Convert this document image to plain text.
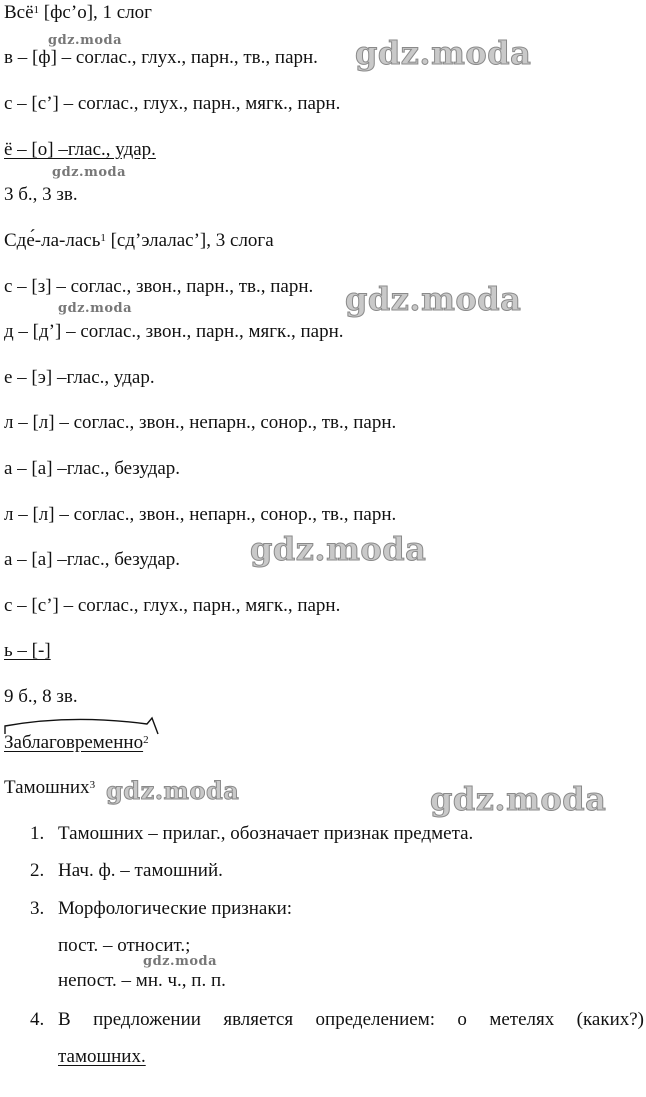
Всё$^1$ [фс’о], 1 слог
в – [ф] – соглас., глух., парн., тв., парн.
с – [с’] – соглас., глух., парн., мягк., парн.
ё – [о] –глас., удар.
3 б., 3 зв.
Сде́-ла-лась$^1$ [сд’элалас’], 3 слога
с – [з] – соглас., звон., парн., тв., парн.
д – [д’] – соглас., звон., парн., мягк., парн.
е – [э] –глас., удар.
л – [л] – соглас., звон., непарн., сонор., тв., парн.
а – [а] –глас., безудар.
л – [л] – соглас., звон., непарн., сонор., тв., парн.
а – [а] –глас., безудар.
с – [с’] – соглас., глух., парн., мягк., парн.
ь – [-]
9 б., 8 зв.
Заблаговременно$^2$
Тамошних$^3$
1. Тамошних – прилаг., обозначает признак предмета.
2. Нач. ф. – тамошний.
3. Морфологические признаки:
пост. – относит.;
непост. – мн. ч., п. п.
4. В предложении является определением: о метелях (каких?)
тамошних.
gdz.moda	gdz.moda
gdz.moda
gdz.moda
gdz.moda
gdz.moda
gdz.moda	gdz.moda
gdz.moda
